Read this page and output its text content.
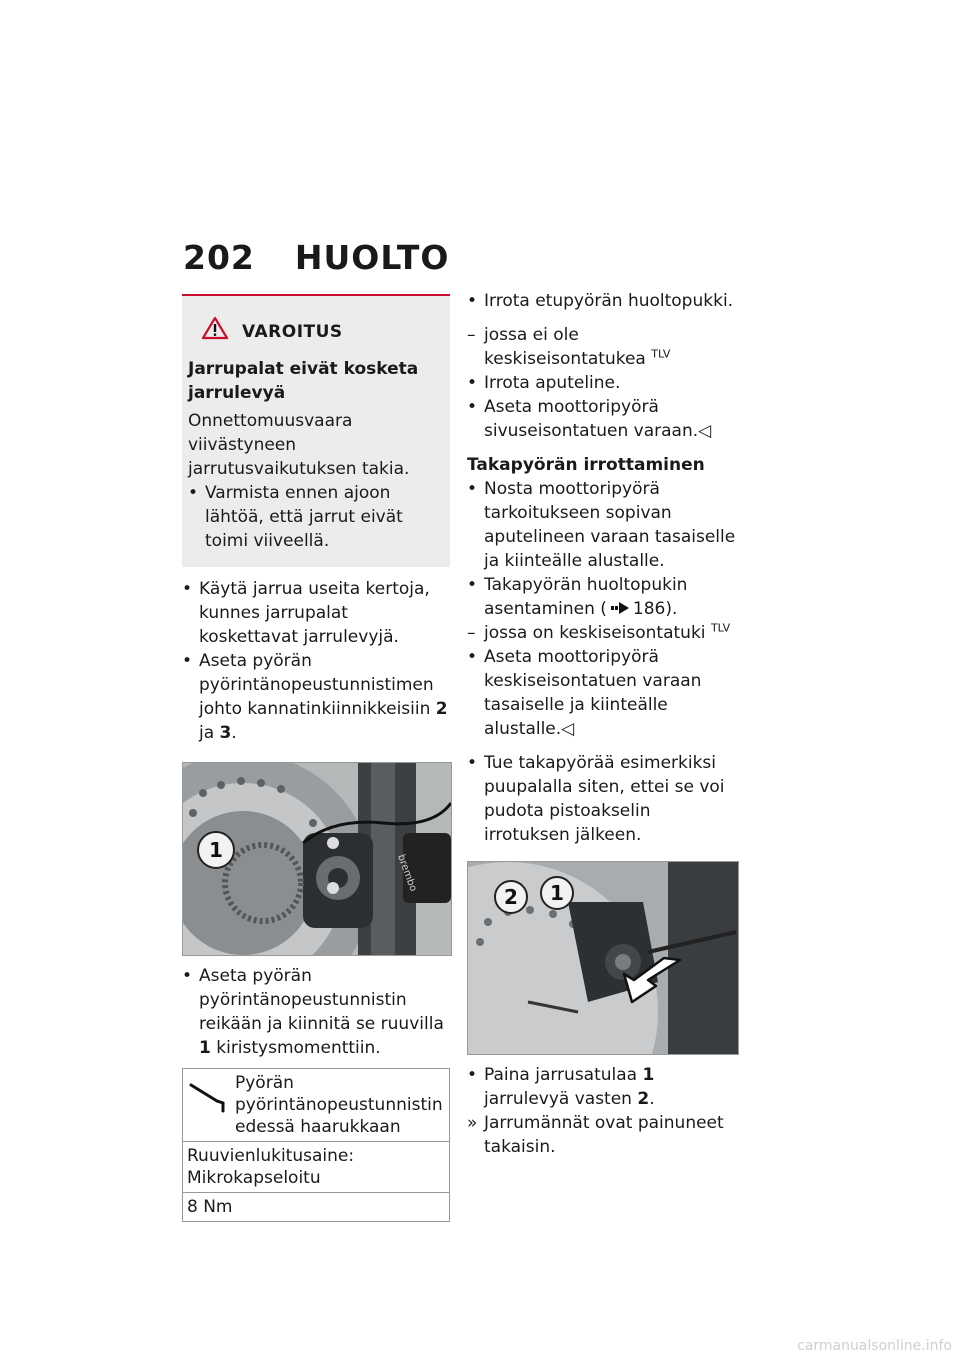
202 HUOLTO
VAROITUS
Jarrupalat eivät kosketa jarrulevyä

Onnettomuusvaara viivästyneen jarrutusvaikutuksen takia.

• Varmista ennen ajoon lähtöä, että jarrut eivät toimi viiveellä.

• Käytä jarrua useita kertoja, kunnes jarrupalat koskettavat jarrulevyjä.

• Aseta pyörän pyörintänopeustunnistimen johto kannatinkiinnikkeisiin 2 ja 3.

1
brembo

• Aseta pyörän pyörintänopeustunnistin reikään ja kiinnitä se ruuvilla 1 kiristysmomenttiin.

Pyörän pyörintänopeustunnistin edessä haarukkaan
Ruuvienlukitusaine: Mikrokapseloitu
8 Nm

• Irrota etupyörän huoltopukki.

– jossa ei ole keskiseisontatukea $^{TLV}$

• Irrota aputeline.

• Aseta moottoripyörä sivuseisontatuen varaan.◁

Takapyörän irrottaminen

• Nosta moottoripyörä tarkoitukseen sopivan aputelineen varaan tasaiselle ja kiinteälle alustalle.

• Takapyörän huoltopukin asentaminen ( 186).

– jossa on keskiseisontatuki $^{TLV}$

• Aseta moottoripyörä keskiseisontatuen varaan tasaiselle ja kiinteälle alustalle.◁

• Tue takapyörää esimerkiksi puupalalla siten, ettei se voi pudota pistoakselin irrotuksen jälkeen.

2	1

• Paina jarrusatulaa 1 jarrulevyä vasten 2.

» Jarrumännät ovat painuneet takaisin.

carmanualsonline.info
